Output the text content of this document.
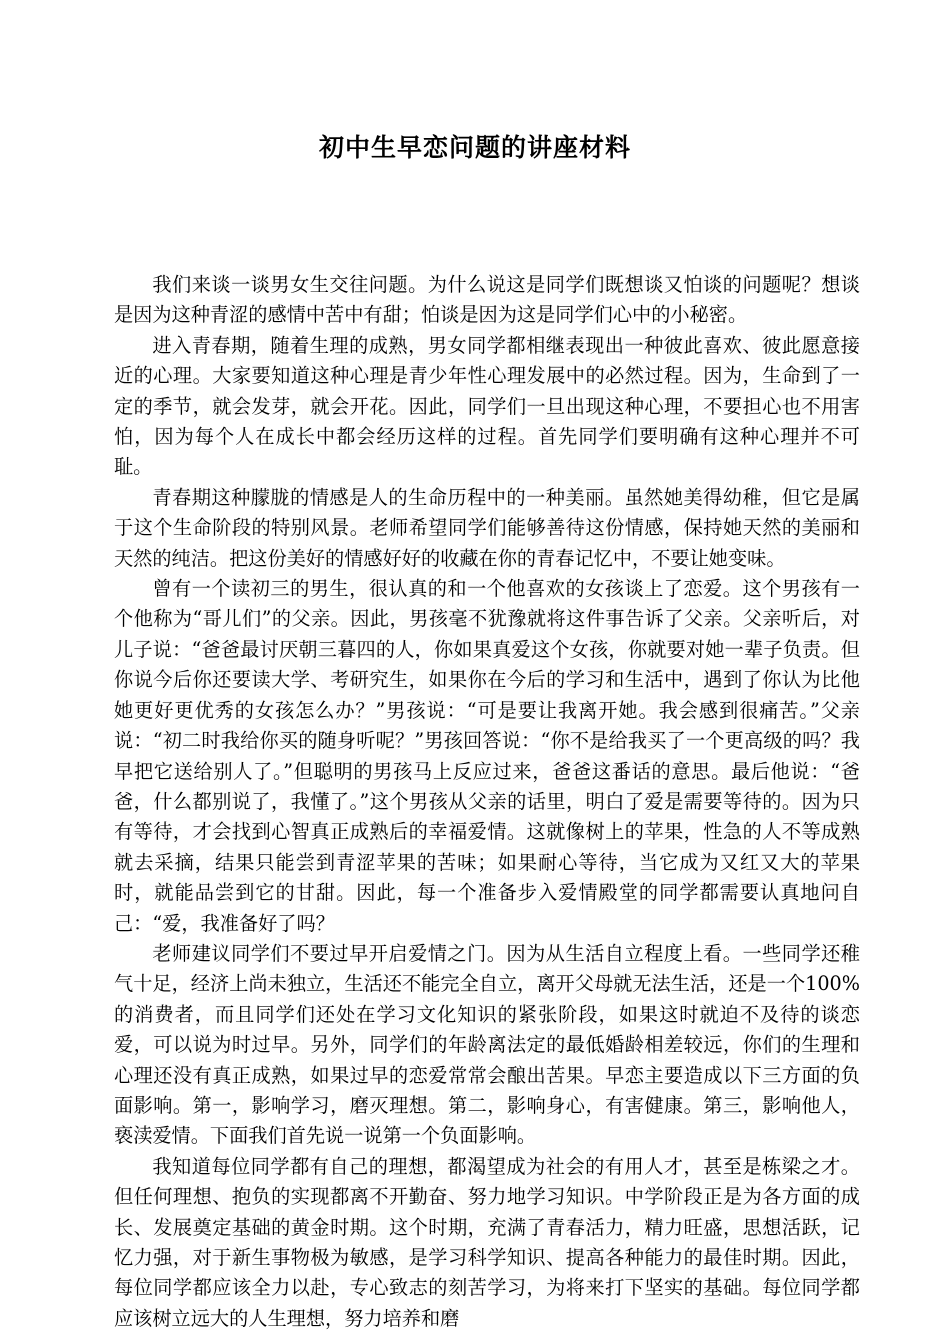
初中生早恋问题的讲座材料

我们来谈一谈男女生交往问题。为什么说这是同学们既想谈又怕谈的问题呢？想谈是因为这种青涩的感情中苦中有甜；怕谈是因为这是同学们心中的小秘密。

进入青春期，随着生理的成熟，男女同学都相继表现出一种彼此喜欢、彼此愿意接近的心理。大家要知道这种心理是青少年性心理发展中的必然过程。因为，生命到了一定的季节，就会发芽，就会开花。因此，同学们一旦出现这种心理，不要担心也不用害怕，因为每个人在成长中都会经历这样的过程。首先同学们要明确有这种心理并不可耻。

青春期这种朦胧的情感是人的生命历程中的一种美丽。虽然她美得幼稚，但它是属于这个生命阶段的特别风景。老师希望同学们能够善待这份情感，保持她天然的美丽和天然的纯洁。把这份美好的情感好好的收藏在你的青春记忆中，不要让她变味。

曾有一个读初三的男生，很认真的和一个他喜欢的女孩谈上了恋爱。这个男孩有一个他称为“哥儿们”的父亲。因此，男孩毫不犹豫就将这件事告诉了父亲。父亲听后，对儿子说：“爸爸最讨厌朝三暮四的人，你如果真爱这个女孩，你就要对她一辈子负责。但你说今后你还要读大学、考研究生，如果你在今后的学习和生活中，遇到了你认为比他她更好更优秀的女孩怎么办？”男孩说：“可是要让我离开她。我会感到很痛苦。”父亲说：“初二时我给你买的随身听呢？”男孩回答说：“你不是给我买了一个更高级的吗？我早把它送给别人了。”但聪明的男孩马上反应过来，爸爸这番话的意思。最后他说：“爸爸，什么都别说了，我懂了。”这个男孩从父亲的话里，明白了爱是需要等待的。因为只有等待，才会找到心智真正成熟后的幸福爱情。这就像树上的苹果，性急的人不等成熟就去采摘，结果只能尝到青涩苹果的苦味；如果耐心等待，当它成为又红又大的苹果时，就能品尝到它的甘甜。因此，每一个准备步入爱情殿堂的同学都需要认真地问自己：“爱，我准备好了吗？

老师建议同学们不要过早开启爱情之门。因为从生活自立程度上看。一些同学还稚气十足，经济上尚未独立，生活还不能完全自立，离开父母就无法生活，还是一个100%的消费者，而且同学们还处在学习文化知识的紧张阶段，如果这时就迫不及待的谈恋爱，可以说为时过早。另外，同学们的年龄离法定的最低婚龄相差较远，你们的生理和心理还没有真正成熟，如果过早的恋爱常常会酿出苦果。早恋主要造成以下三方面的负面影响。第一，影响学习，磨灭理想。第二，影响身心，有害健康。第三，影响他人，亵渎爱情。下面我们首先说一说第一个负面影响。

我知道每位同学都有自己的理想，都渴望成为社会的有用人才，甚至是栋梁之才。但任何理想、抱负的实现都离不开勤奋、努力地学习知识。中学阶段正是为各方面的成长、发展奠定基础的黄金时期。这个时期，充满了青春活力，精力旺盛，思想活跃，记忆力强，对于新生事物极为敏感，是学习科学知识、提高各种能力的最佳时期。因此，每位同学都应该全力以赴，专心致志的刻苦学习，为将来打下坚实的基础。每位同学都应该树立远大的人生理想，努力培养和磨
